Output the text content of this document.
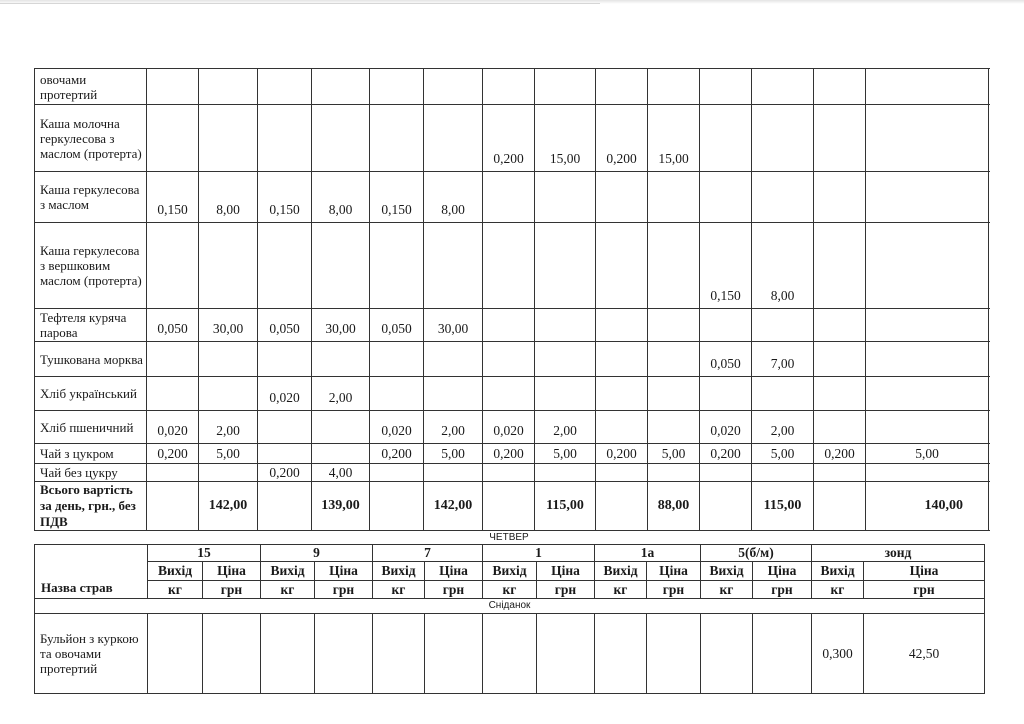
овочами протертий														
Каша молочна геркулесова з маслом (протерта)							0,200	15,00	0,200	15,00				
Каша геркулесова з маслом	0,150	8,00	0,150	8,00	0,150	8,00								
Каша геркулесова з вершковим маслом (протерта)											0,150	8,00		
Тефтеля куряча парова	0,050	30,00	0,050	30,00	0,050	30,00								
Тушкована морква											0,050	7,00		
Хліб український			0,020	2,00										
Хліб пшеничний	0,020	2,00			0,020	2,00	0,020	2,00			0,020	2,00		
Чай з цукром	0,200	5,00			0,200	5,00	0,200	5,00	0,200	5,00	0,200	5,00	0,200	5,00
Чай без цукру			0,200	4,00										
Всього вартість за день, грн., без ПДВ		142,00		139,00		142,00		115,00		88,00		115,00		140,00
ЧЕТВЕР
Назва страв	15		9		7		1		1а		5(б/м)		зонд	
	Вихід	Ціна	Вихід	Ціна	Вихід	Ціна	Вихід	Ціна	Вихід	Ціна	Вихід	Ціна	Вихід	Ціна
	кг	грн	кг	грн	кг	грн	кг	грн	кг	грн	кг	грн	кг	грн
Сніданок														
Бульйон з куркою та овочами протертий													0,300	42,50
